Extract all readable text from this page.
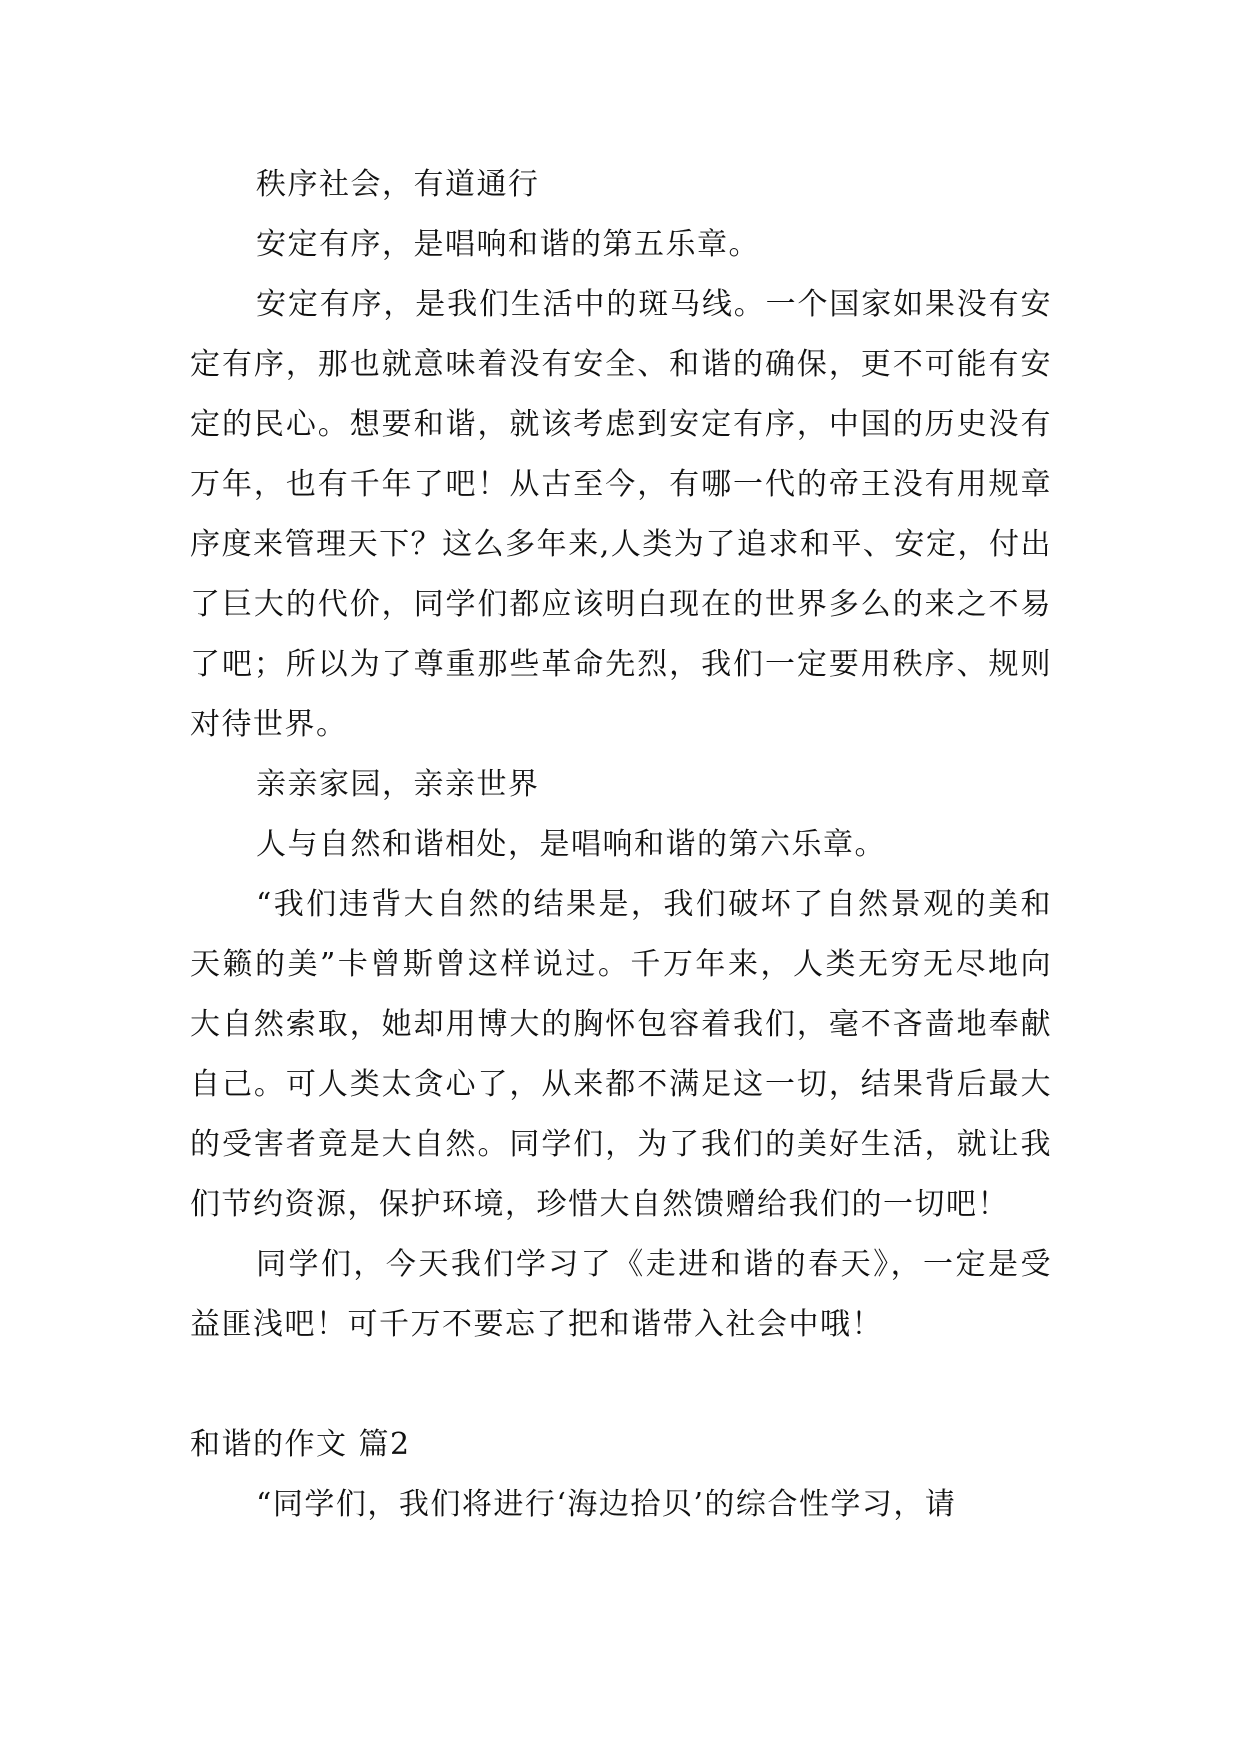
秩序社会，有道通行

安定有序，是唱响和谐的第五乐章。

安定有序，是我们生活中的斑马线。一个国家如果没有安定有序，那也就意味着没有安全、和谐的确保，更不可能有安定的民心。想要和谐，就该考虑到安定有序，中国的历史没有万年，也有千年了吧！从古至今，有哪一代的帝王没有用规章序度来管理天下？这么多年来,人类为了追求和平、安定，付出了巨大的代价，同学们都应该明白现在的世界多么的来之不易了吧；所以为了尊重那些革命先烈，我们一定要用秩序、规则对待世界。

亲亲家园，亲亲世界

人与自然和谐相处，是唱响和谐的第六乐章。

“我们违背大自然的结果是，我们破坏了自然景观的美和天籁的美”卡曾斯曾这样说过。千万年来，人类无穷无尽地向大自然索取，她却用博大的胸怀包容着我们，毫不吝啬地奉献自己。可人类太贪心了，从来都不满足这一切，结果背后最大的受害者竟是大自然。同学们，为了我们的美好生活，就让我们节约资源，保护环境，珍惜大自然馈赠给我们的一切吧！

同学们，今天我们学习了《走进和谐的春天》，一定是受益匪浅吧！可千万不要忘了把和谐带入社会中哦！

和谐的作文 篇2

“同学们，我们将进行‘海边拾贝’的综合性学习，请
